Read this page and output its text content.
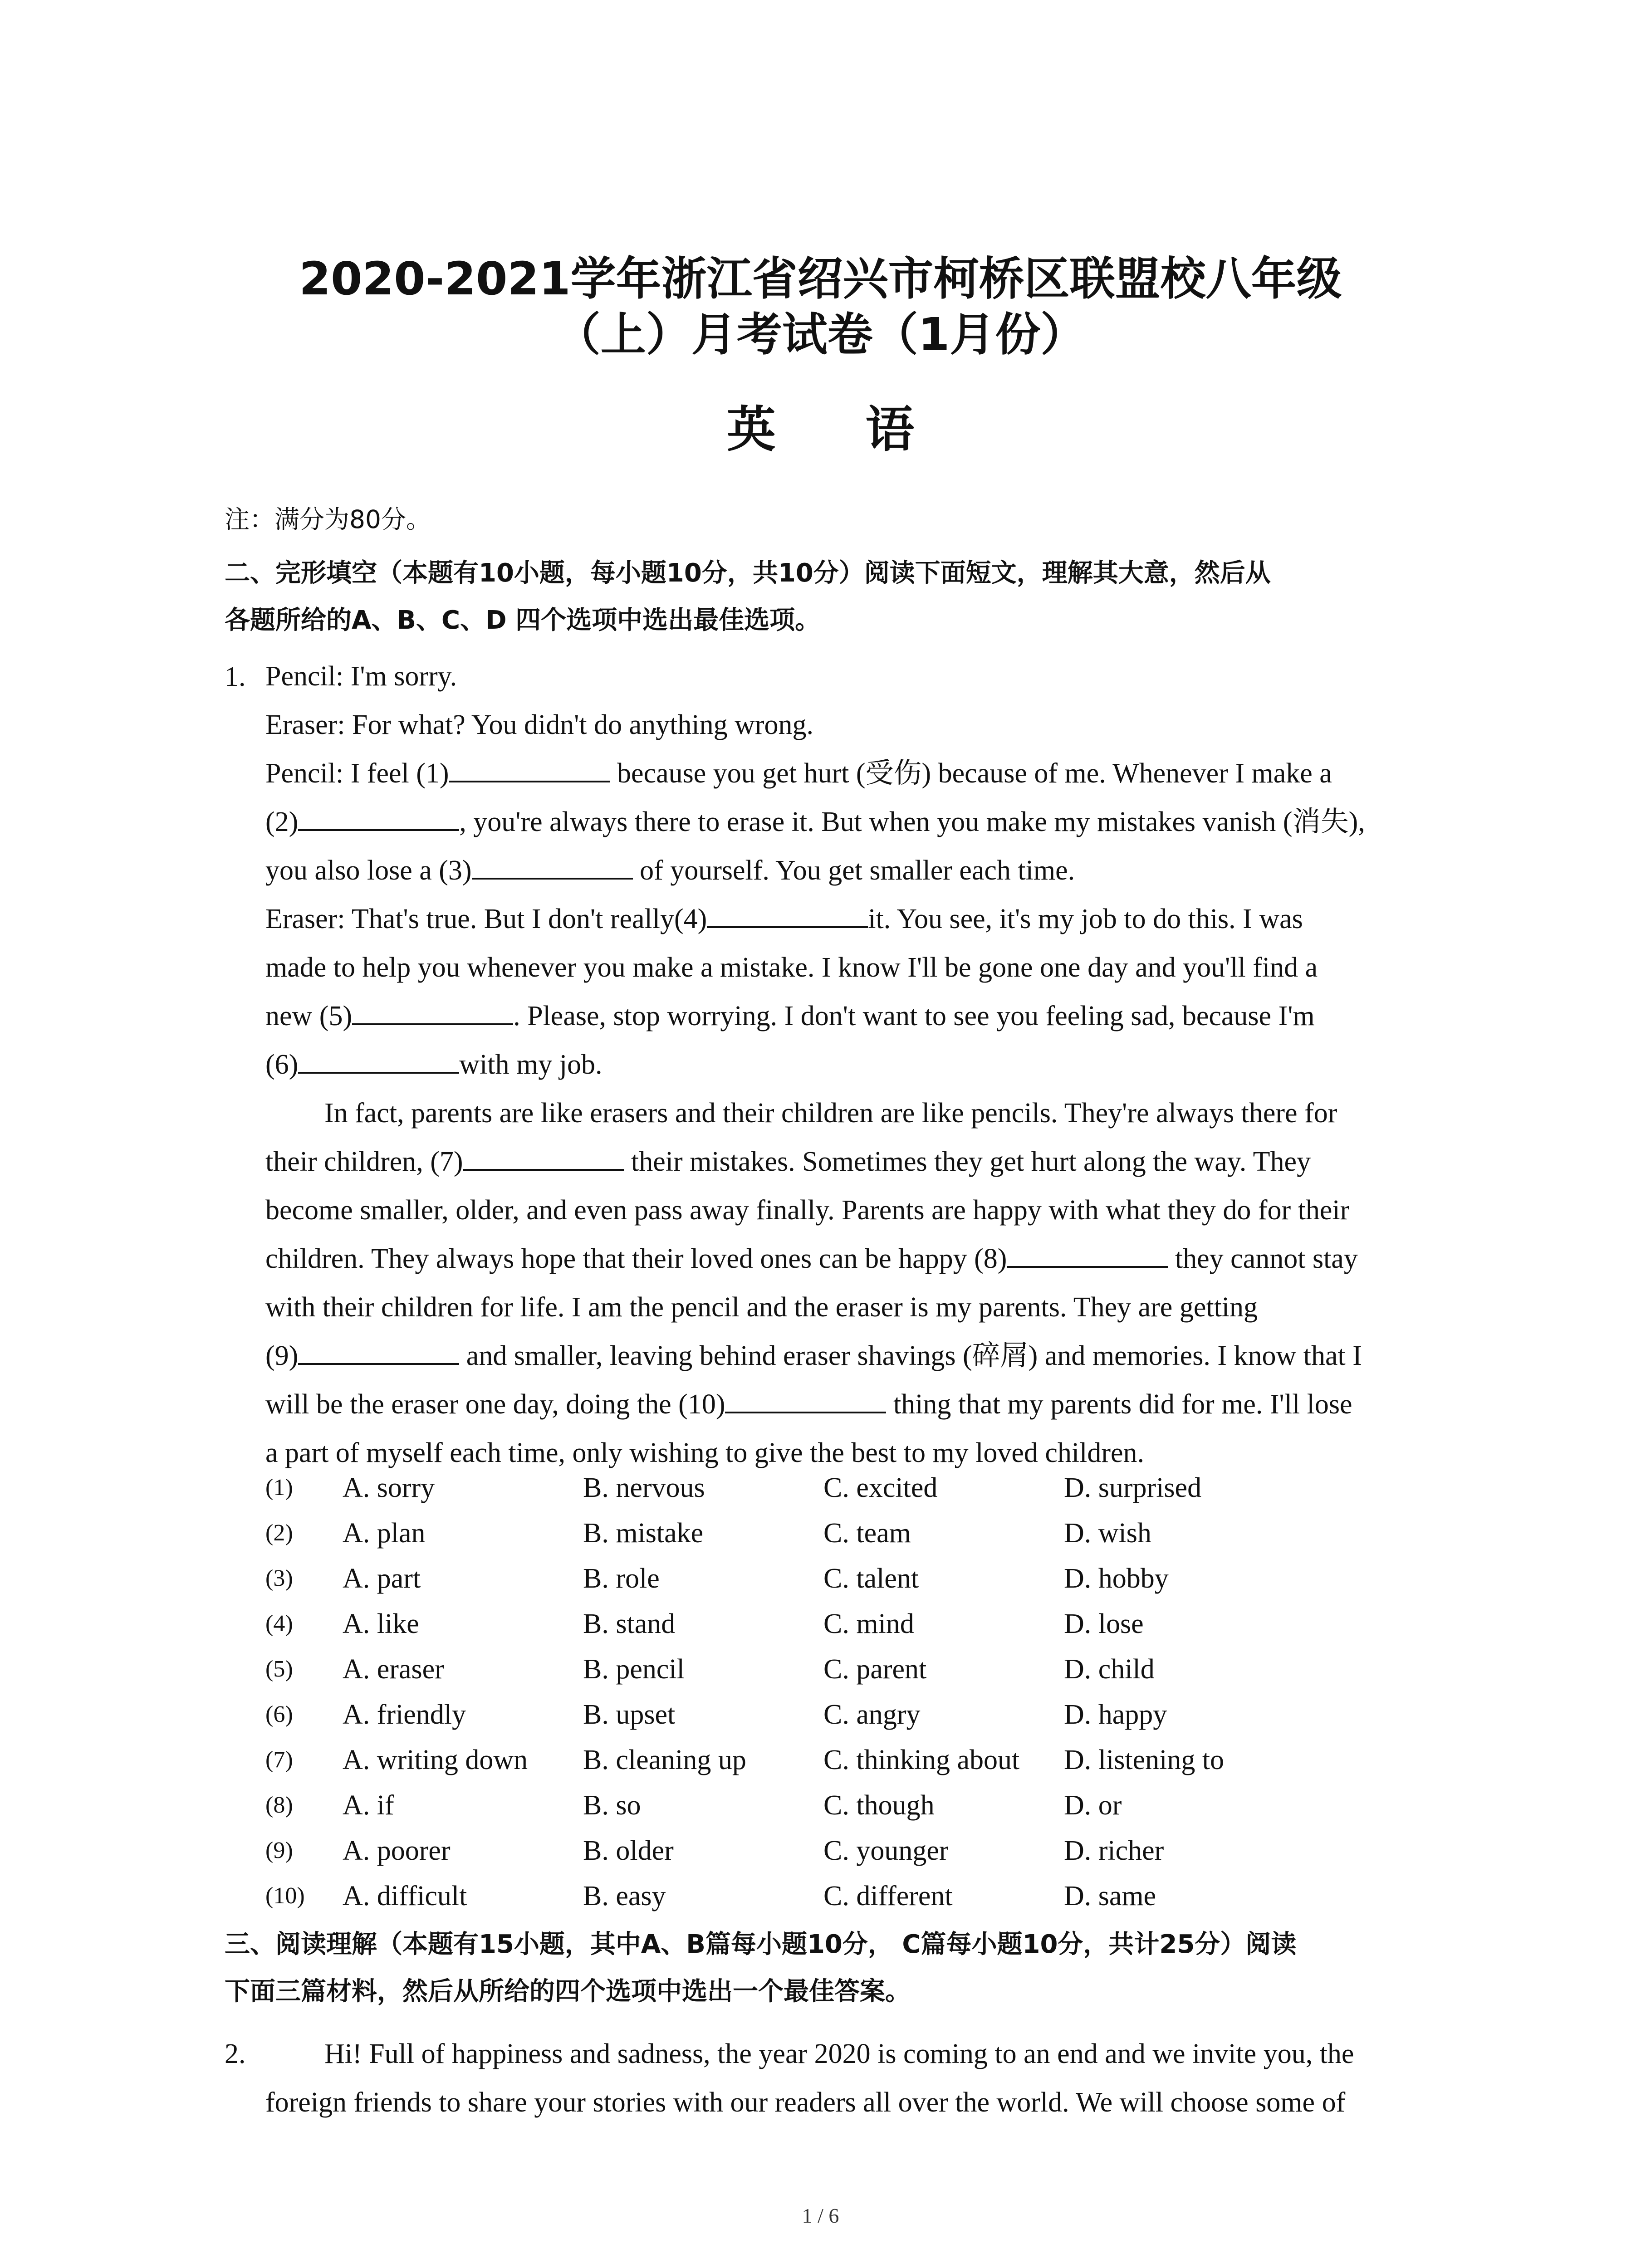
2020-2021学年浙江省绍兴市柯桥区联盟校八年级
（上）月考试卷（1月份）
英 语
注：满分为80分。
二、完形填空（本题有10小题，每小题10分，共10分）阅读下面短文，理解其大意，然后从
各题所给的A、B、C、D 四个选项中选出最佳选项。
1. Pencil: I'm sorry.
Eraser: For what? You didn't do anything wrong.
Pencil: I feel (1)	because you get hurt (受伤) because of me. Whenever I make a
(2)	, you're always there to erase it. But when you make my mistakes vanish (消失),
you also lose a (3)	of yourself. You get smaller each time.
Eraser: That's true. But I don't really(4)	it. You see, it's my job to do this. I was
made to help you whenever you make a mistake. I know I'll be gone one day and you'll find a
new (5)	. Please, stop worrying. I don't want to see you feeling sad, because I'm
(6)	with my job.
In fact, parents are like erasers and their children are like pencils. They're always there for
their children, (7)	their mistakes. Sometimes they get hurt along the way. They
become smaller, older, and even pass away finally. Parents are happy with what they do for their
children. They always hope that their loved ones can be happy (8)	they cannot stay
with their children for life. I am the pencil and the eraser is my parents. They are getting
(9)	and smaller, leaving behind eraser shavings (碎屑) and memories. I know that I
will be the eraser one day, doing the (10)	thing that my parents did for me. I'll lose
a part of myself each time, only wishing to give the best to my loved children.
(1) A. sorry	B. nervous	C. excited	D. surprised
(2) A. plan	B. mistake	C. team	D. wish
(3) A. part	B. role	C. talent	D. hobby
(4) A. like	B. stand	C. mind	D. lose
(5) A. eraser	B. pencil	C. parent	D. child
(6) A. friendly	B. upset	C. angry	D. happy
(7) A. writing down B. cleaning up	C. thinking about D. listening to
(8) A. if	B. so	C. though	D. or
(9) A. poorer	B. older	C. younger	D. richer
(10) A. difficult	B. easy	C. different	D. same
三、阅读理解（本题有15小题，其中A、B篇每小题10分， C篇每小题10分，共计25分）阅读
下面三篇材料，然后从所给的四个选项中选出一个最佳答案。
2.	Hi! Full of happiness and sadness, the year 2020 is coming to an end and we invite you, the
foreign friends to share your stories with our readers all over the world. We will choose some of
1 / 6
